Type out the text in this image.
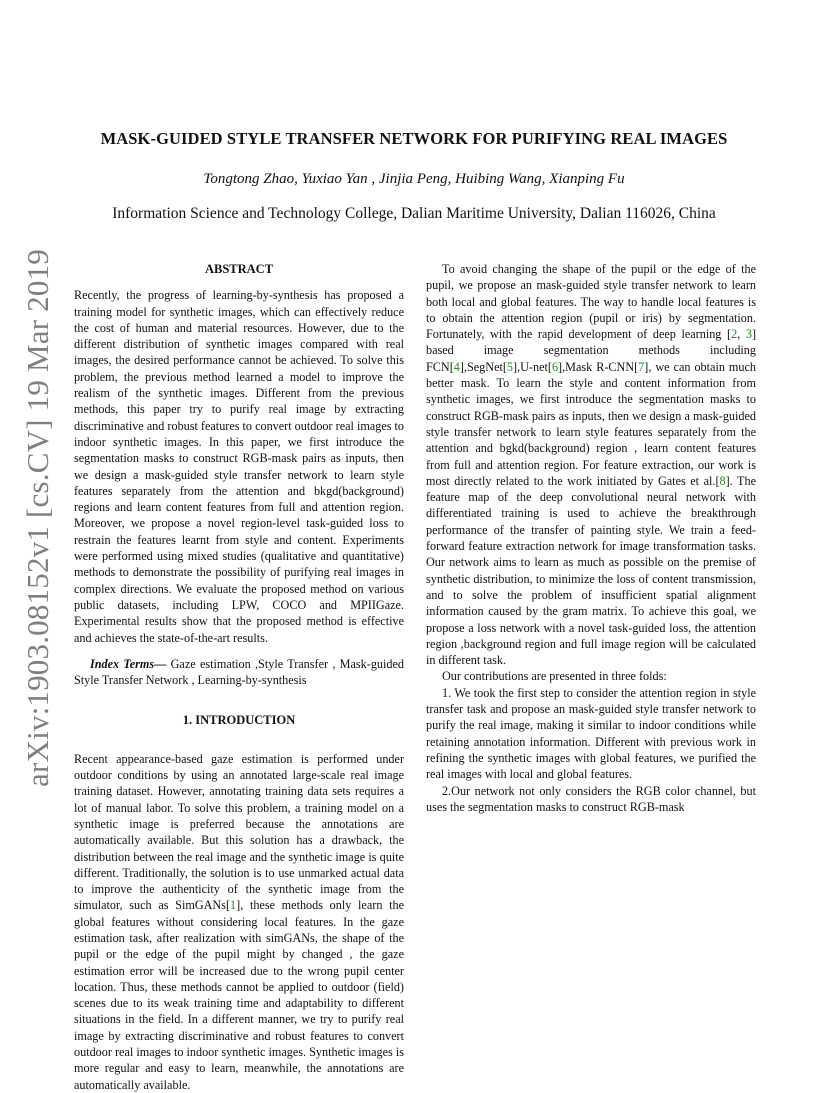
arXiv:1903.08152v1 [cs.CV] 19 Mar 2019
MASK-GUIDED STYLE TRANSFER NETWORK FOR PURIFYING REAL IMAGES
Tongtong Zhao, Yuxiao Yan , Jinjia Peng, Huibing Wang, Xianping Fu
Information Science and Technology College, Dalian Maritime University, Dalian 116026, China
ABSTRACT

Recently, the progress of learning-by-synthesis has proposed a training model for synthetic images, which can effectively reduce the cost of human and material resources. However, due to the different distribution of synthetic images compared with real images, the desired performance cannot be achieved. To solve this problem, the previous method learned a model to improve the realism of the synthetic images. Different from the previous methods, this paper try to purify real image by extracting discriminative and robust features to convert outdoor real images to indoor synthetic images. In this paper, we first introduce the segmentation masks to construct RGB-mask pairs as inputs, then we design a mask-guided style transfer network to learn style features separately from the attention and bkgd(background) regions and learn content features from full and attention region. Moreover, we propose a novel region-level task-guided loss to restrain the features learnt from style and content. Experiments were performed using mixed studies (qualitative and quantitative) methods to demonstrate the possibility of purifying real images in complex directions. We evaluate the proposed method on various public datasets, including LPW, COCO and MPIIGaze. Experimental results show that the proposed method is effective and achieves the state-of-the-art results.

Index Terms— Gaze estimation ,Style Transfer , Mask-guided Style Transfer Network , Learning-by-synthesis

1. INTRODUCTION

Recent appearance-based gaze estimation is performed under outdoor conditions by using an annotated large-scale real image training dataset. However, annotating training data sets requires a lot of manual labor. To solve this problem, a training model on a synthetic image is preferred because the annotations are automatically available. But this solution has a drawback, the distribution between the real image and the synthetic image is quite different. Traditionally, the solution is to use unmarked actual data to improve the authenticity of the synthetic image from the simulator, such as SimGANs[1], these methods only learn the global features without considering local features. In the gaze estimation task, after realization with simGANs, the shape of the pupil or the edge of the pupil might by changed , the gaze estimation error will be increased due to the wrong pupil center location. Thus, these methods cannot be applied to outdoor (field) scenes due to its weak training time and adaptability to different situations in the field. In a different manner, we try to purify real image by extracting discriminative and robust features to convert outdoor real images to indoor synthetic images. Synthetic images is more regular and easy to learn, meanwhile, the annotations are automatically available.

To avoid changing the shape of the pupil or the edge of the pupil, we propose an mask-guided style transfer network to learn both local and global features. The way to handle local features is to obtain the attention region (pupil or iris) by segmentation. Fortunately, with the rapid development of deep learning [2, 3] based image segmentation methods including FCN[4],SegNet[5],U-net[6],Mask R-CNN[7], we can obtain much better mask. To learn the style and content information from synthetic images, we first introduce the segmentation masks to construct RGB-mask pairs as inputs, then we design a mask-guided style transfer network to learn style features separately from the attention and bgkd(background) region , learn content features from full and attention region. For feature extraction, our work is most directly related to the work initiated by Gates et al.[8]. The feature map of the deep convolutional neural network with differentiated training is used to achieve the breakthrough performance of the transfer of painting style. We train a feed-forward feature extraction network for image transformation tasks. Our network aims to learn as much as possible on the premise of synthetic distribution, to minimize the loss of content transmission, and to solve the problem of insufficient spatial alignment information caused by the gram matrix. To achieve this goal, we propose a loss network with a novel task-guided loss, the attention region ,background region and full image region will be calculated in different task.

Our contributions are presented in three folds:

1. We took the first step to consider the attention region in style transfer task and propose an mask-guided style transfer network to purify the real image, making it similar to indoor conditions while retaining annotation information. Different with previous work in refining the synthetic images with global features, we purified the real images with local and global features.

2.Our network not only considers the RGB color channel, but uses the segmentation masks to construct RGB-mask
